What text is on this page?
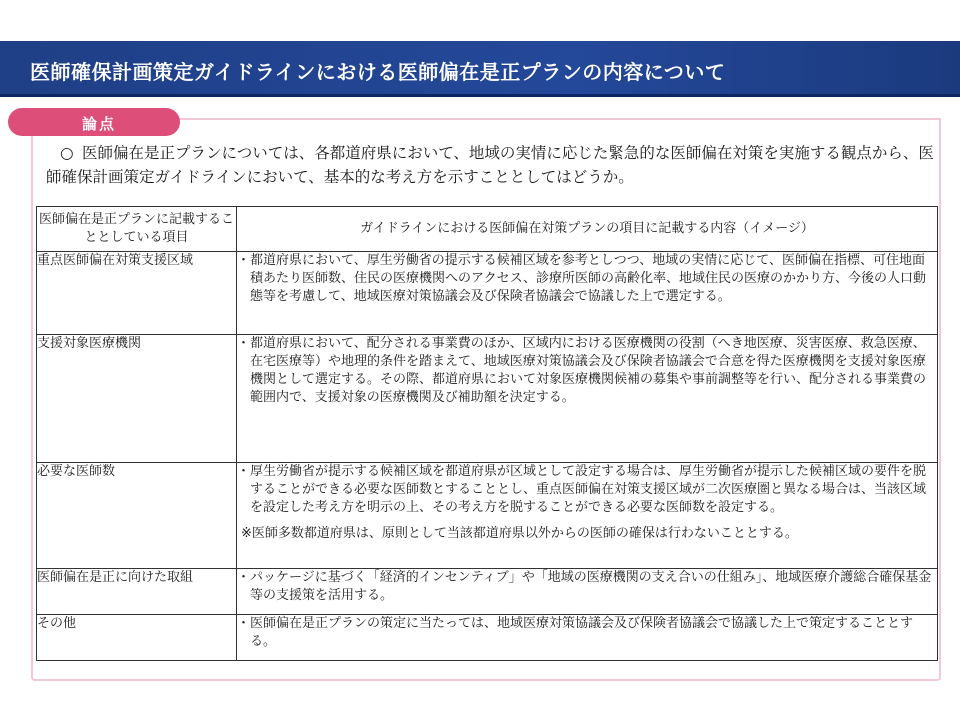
医師確保計画策定ガイドラインにおける医師偏在是正プランの内容について
論点
○ 医師偏在是正プランについては、各都道府県において、地域の実情に応じた緊急的な医師偏在対策を実施する観点から、医師確保計画策定ガイドラインにおいて、基本的な考え方を示すこととしてはどうか。
医師偏在是正プランに記載することとしている項目	ガイドラインにおける医師偏在対策プランの項目に記載する内容（イメージ）
重点医師偏在対策支援区域	・ 都道府県において、厚生労働省の提示する候補区域を参考としつつ、地域の実情に応じて、医師偏在指標、可住地面積あたり医師数、住民の医療機関へのアクセス、診療所医師の高齢化率、地域住民の医療のかかり方、今後の人口動態等を考慮して、地域医療対策協議会及び保険者協議会で協議した上で選定する。

支援対象医療機関	・ 都道府県において、配分される事業費のほか、区域内における医療機関の役割（へき地医療、災害医療、救急医療、在宅医療等）や地理的条件を踏まえて、地域医療対策協議会及び保険者協議会で合意を得た医療機関を支援対象医療機関として選定する。その際、都道府県において対象医療機関候補の募集や事前調整等を行い、配分される事業費の範囲内で、支援対象の医療機関及び補助額を決定する。

必要な医師数	・ 厚生労働省が提示する候補区域を都道府県が区域として設定する場合は、厚生労働省が提示した候補区域の要件を脱することができる必要な医師数とすることとし、重点医師偏在対策支援区域が二次医療圏と異なる場合は、当該区域を設定した考え方を明示の上、その考え方を脱することができる必要な医師数を設定する。
※医師多数都道府県は、原則として当該都道府県以外からの医師の確保は行わないこととする。

医師偏在是正に向けた取組	・ パッケージに基づく「経済的インセンティブ」や「地域の医療機関の支え合いの仕組み」、地域医療介護総合確保基金等の支援策を活用する。

その他	・ 医師偏在是正プランの策定に当たっては、地域医療対策協議会及び保険者協議会で協議した上で策定することとする。
